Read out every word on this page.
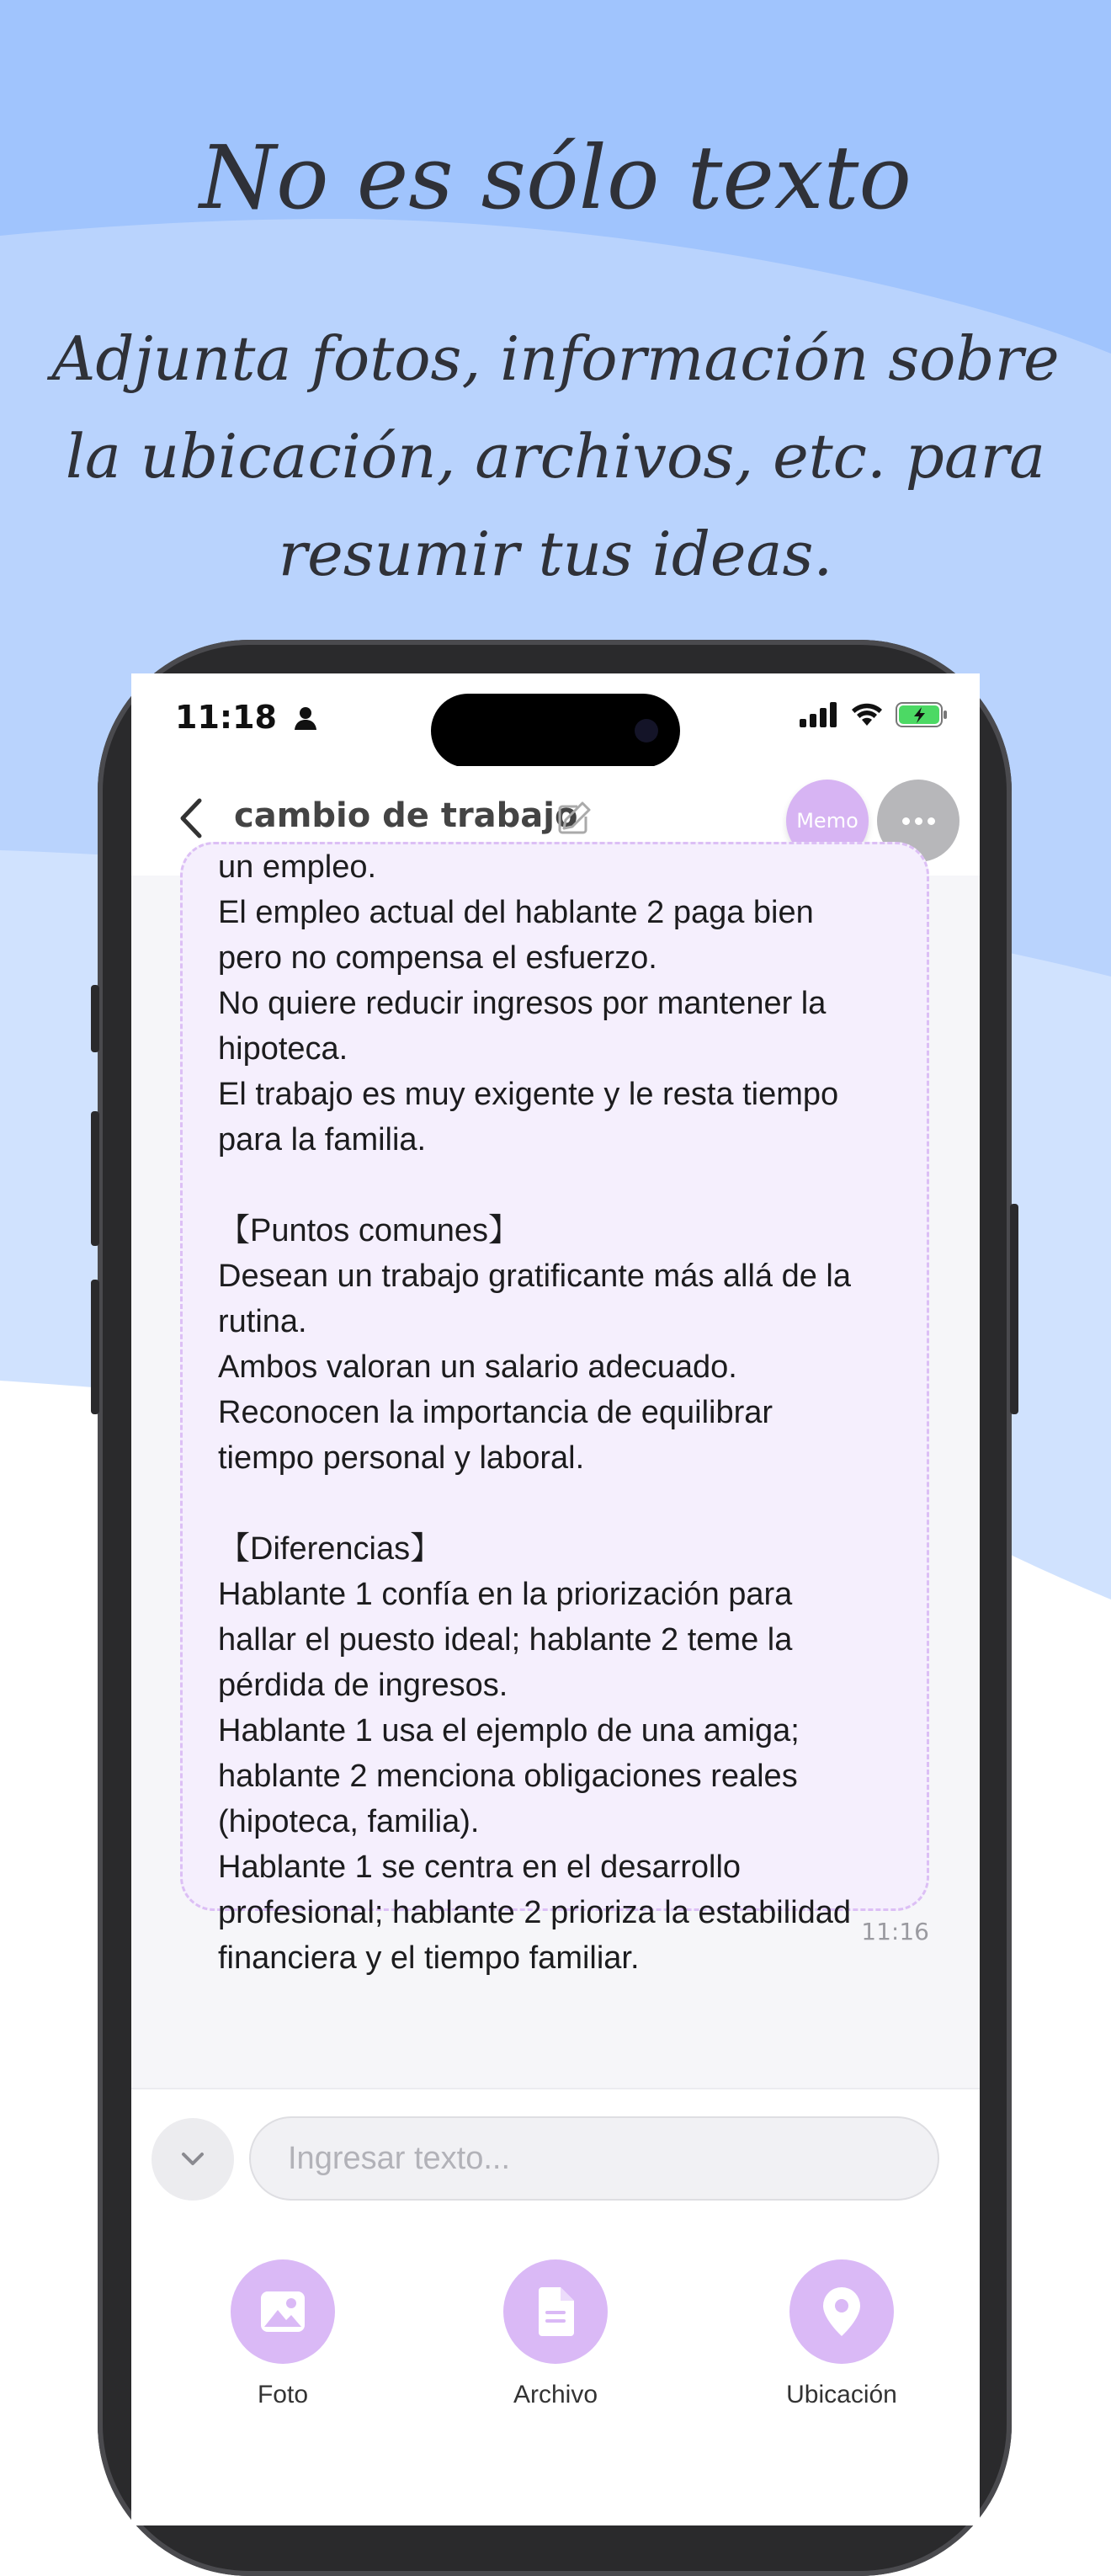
No es sólo texto
Adjunta fotos, información sobre la ubicación, archivos, etc. para resumir tus ideas.
11:18
cambio de trabajo	Memo
un empleo.
El empleo actual del hablante 2 paga bien
pero no compensa el esfuerzo.
No quiere reducir ingresos por mantener la
hipoteca.
El trabajo es muy exigente y le resta tiempo
para la familia.
【Puntos comunes】
Desean un trabajo gratificante más allá de la
rutina.
Ambos valoran un salario adecuado.
Reconocen la importancia de equilibrar
tiempo personal y laboral.
【Diferencias】
Hablante 1 confía en la priorización para
hallar el puesto ideal; hablante 2 teme la
pérdida de ingresos.
Hablante 1 usa el ejemplo de una amiga;
hablante 2 menciona obligaciones reales
(hipoteca, familia).
Hablante 1 se centra en el desarrollo
profesional; hablante 2 prioriza la estabilidad
financiera y el tiempo familiar.
11:16
Ingresar texto...
Foto	Archivo	Ubicación
